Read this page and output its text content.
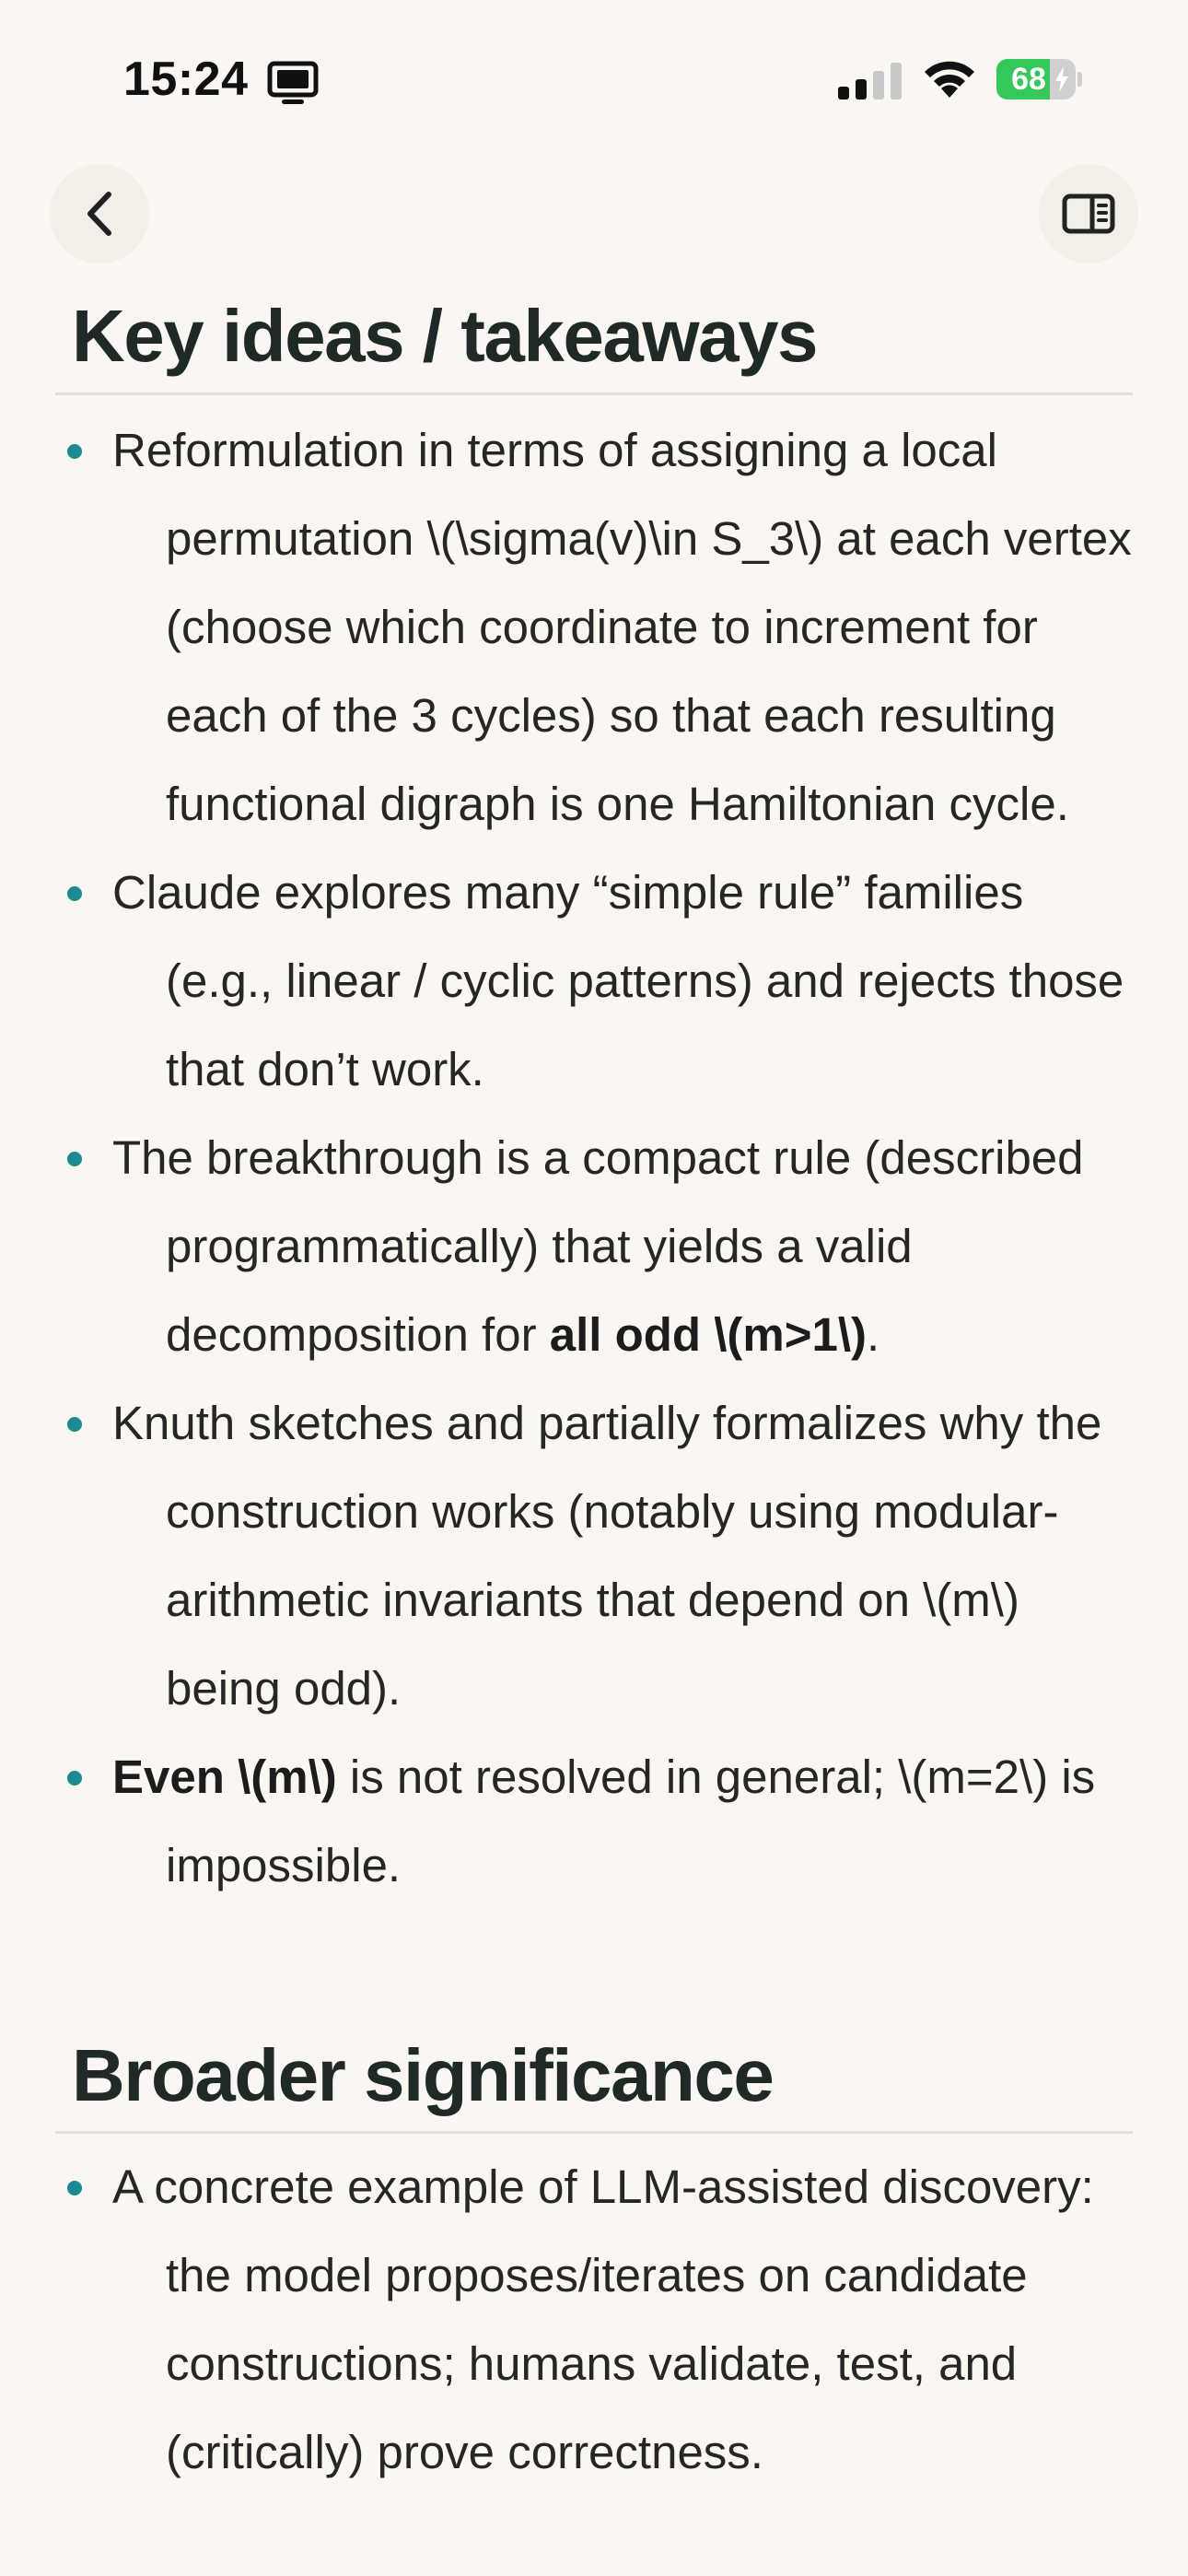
15:24	68
Key ideas / takeaways
Reformulation in terms of assigning a local permutation \(\sigma(v)\in S_3\) at each vertex (choose which coordinate to increment for each of the 3 cycles) so that each resulting functional digraph is one Hamiltonian cycle.
Claude explores many “simple rule” families (e.g., linear / cyclic patterns) and rejects those that don’t work.
The breakthrough is a compact rule (described programmatically) that yields a valid decomposition for all odd \(m>1\).
Knuth sketches and partially formalizes why the construction works (notably using modular-arithmetic invariants that depend on \(m\) being odd).
Even \(m\) is not resolved in general; \(m=2\) is impossible.
Broader significance
A concrete example of LLM-assisted discovery: the model proposes/iterates on candidate constructions; humans validate, test, and (critically) prove correctness.
